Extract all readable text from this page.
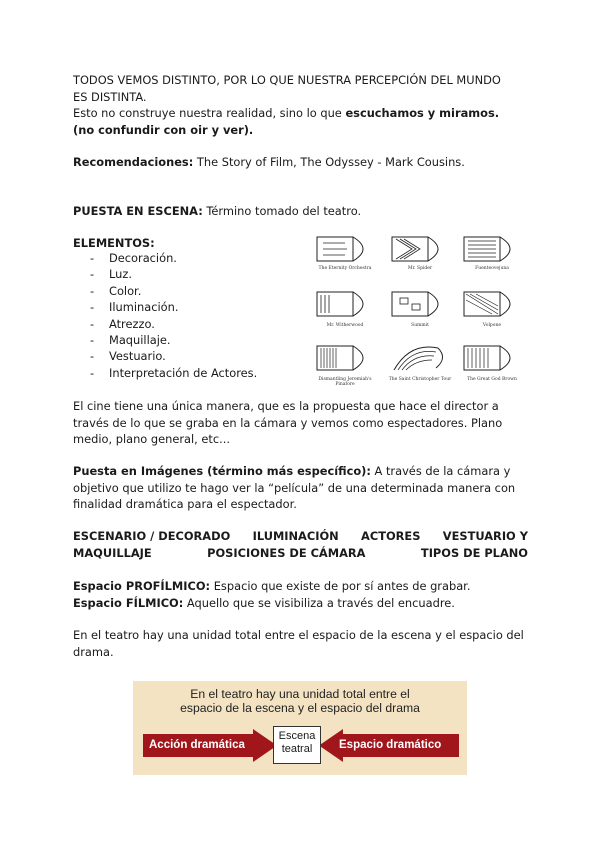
TODOS VEMOS DISTINTO, POR LO QUE NUESTRA PERCEPCIÓN DEL MUNDO
ES DISTINTA.
Esto no construye nuestra realidad, sino lo que escuchamos y miramos.
(no confundir con oir y ver).

Recomendaciones: The Story of Film, The Odyssey - Mark Cousins.

PUESTA EN ESCENA: Término tomado del teatro.

ELEMENTOS:

-	Decoración.
-	Luz.
-	Color.
-	Iluminación.
-	Atrezzo.
-	Maquillaje.
-	Vestuario.
-	Interpretación de Actores.
The Eternity Orchestra	Mr. Spider	Fuenteovejuna
Mr. Witherwood	Summit	Volpone
Dismantling Jeremiah's Pinafore
The Saint Christopher Tour	The Great God Brown

El cine tiene una única manera, que es la propuesta que hace el director a través de lo que se graba en la cámara y vemos como espectadores. Plano medio, plano general, etc...

Puesta en Imágenes (término más específico): A través de la cámara y objetivo que utilizo te hago ver la “película” de una determinada manera con finalidad dramática para el espectador.

ESCENARIO / DECORADO ILUMINACIÓN ACTORES VESTUARIO Y
MAQUILLAJE	POSICIONES DE CÁMARA	TIPOS DE PLANO

Espacio PROFÍLMICO: Espacio que existe de por sí antes de grabar.

Espacio FÍLMICO: Aquello que se visibiliza a través del encuadre.

En el teatro hay una unidad total entre el espacio de la escena y el espacio del drama.

En el teatro hay una unidad total entre el
espacio de la escena y el espacio del drama
Acción dramática	Espacio dramático
Escena
teatral
